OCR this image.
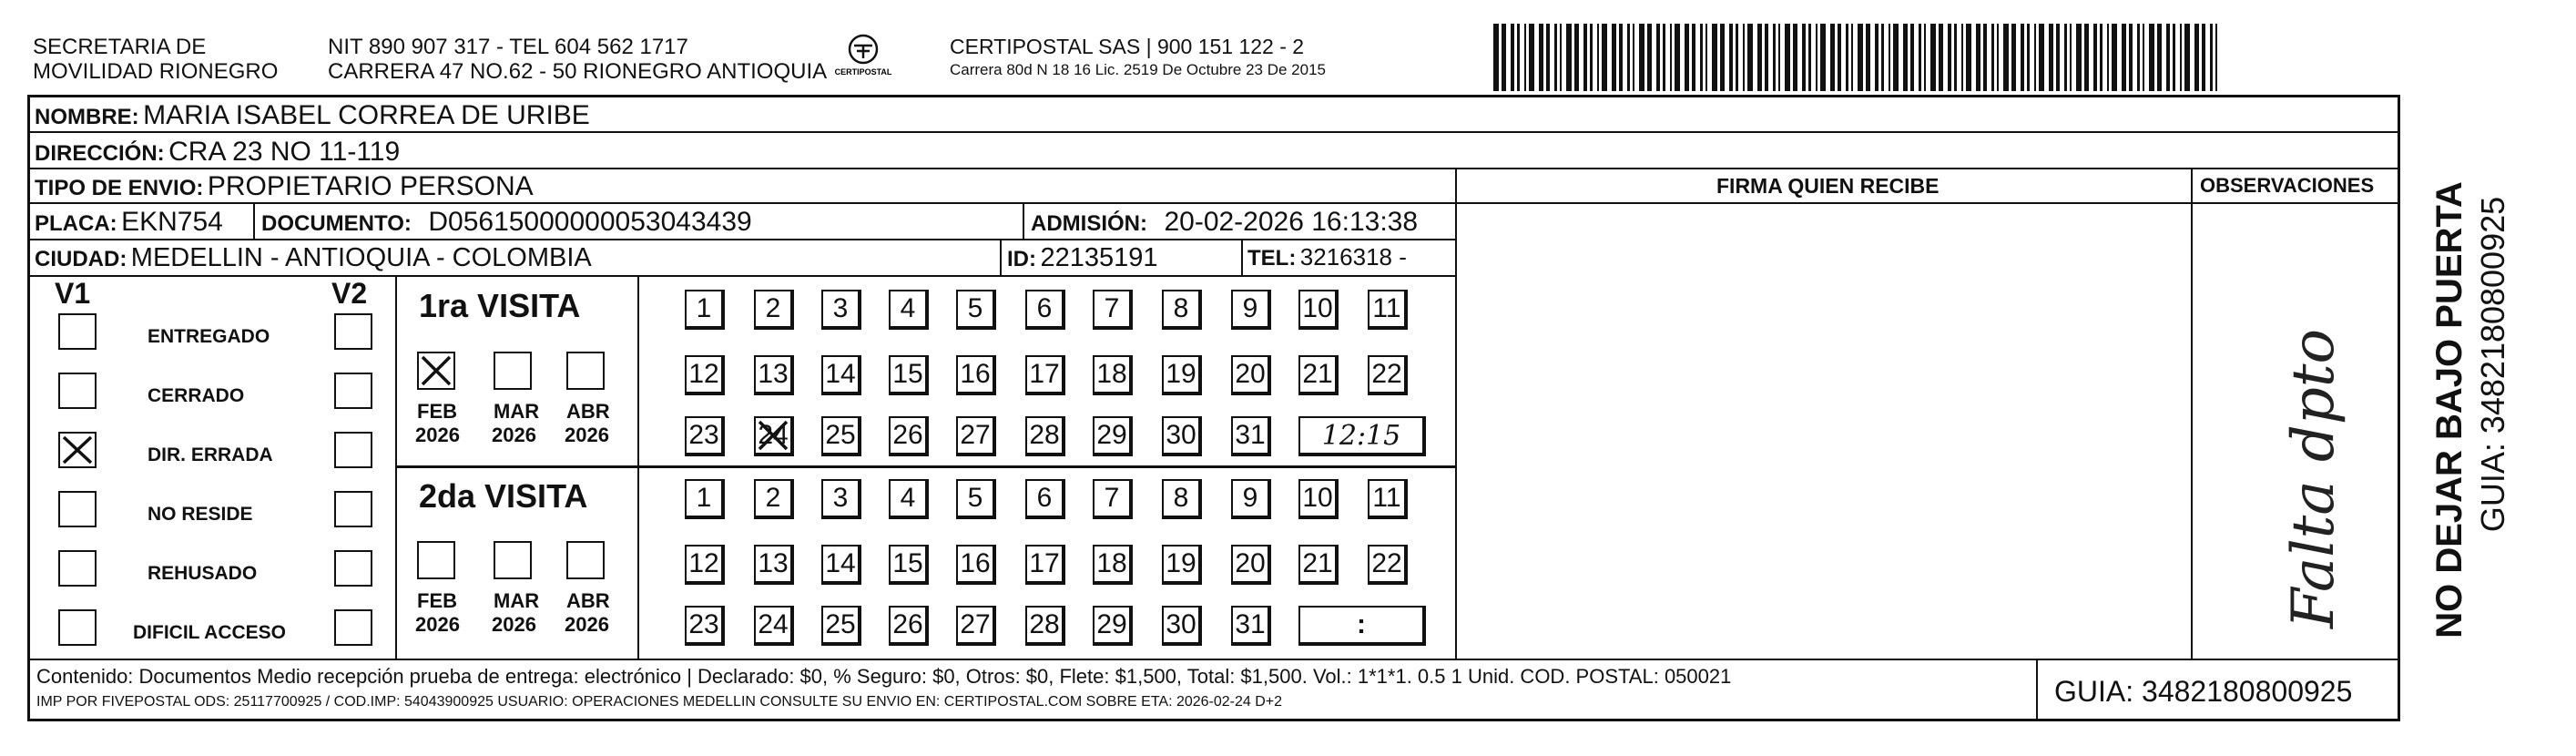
SECRETARIA DE
MOVILIDAD RIONEGRO
NIT 890 907 317 - TEL 604 562 1717
CARRERA 47 NO.62 - 50 RIONEGRO ANTIOQUIA CERTIPOSTAL
CERTIPOSTAL SAS | 900 151 122 - 2
Carrera 80d N 18 16 Lic. 2519 De Octubre 23 De 2015
NOMBRE: MARIA ISABEL CORREA DE URIBE
DIRECCIÓN: CRA 23 NO 11-119
TIPO DE ENVIO: PROPIETARIO PERSONA
PLACA: EKN754 DOCUMENTO: D05615000000053043439	ADMISIÓN: 20-02-2026 16:13:38
CIUDAD: MEDELLIN - ANTIOQUIA - COLOMBIA	ID: 22135191	TEL: 3216318 -
FIRMA QUIEN RECIBE	OBSERVACIONES
Falta dpto
V1	V2
ENTREGADO
CERRADO
DIR. ERRADA
NO RESIDE
REHUSADO
DIFICIL ACCESO
1ra VISITA
2da VISITA
FEB
2026
MAR
2026
ABR
2026
FEB
2026
MAR
2026
ABR
2026
1 2 3 4 5 6 7 8 9 10 11
12 13 14 15 16 17 18 19 20 21 22
23 24 25 26 27 28 29 30 31 12:15
1 2 3 4 5 6 7 8 9 10 11
12 13 14 15 16 17 18 19 20 21 22
23 24 25 26 27 28 29 30 31	:
Contenido: Documentos Medio recepción prueba de entrega: electrónico | Declarado: $0, % Seguro: $0, Otros: $0, Flete: $1,500, Total: $1,500. Vol.: 1*1*1. 0.5 1 Unid. COD. POSTAL: 050021
IMP POR FIVEPOSTAL ODS: 25117700925 / COD.IMP: 54043900925 USUARIO: OPERACIONES MEDELLIN CONSULTE SU ENVIO EN: CERTIPOSTAL.COM SOBRE ETA: 2026-02-24 D+2	GUIA: 3482180800925
NO DEJAR BAJO PUERTA GUIA: 3482180800925
